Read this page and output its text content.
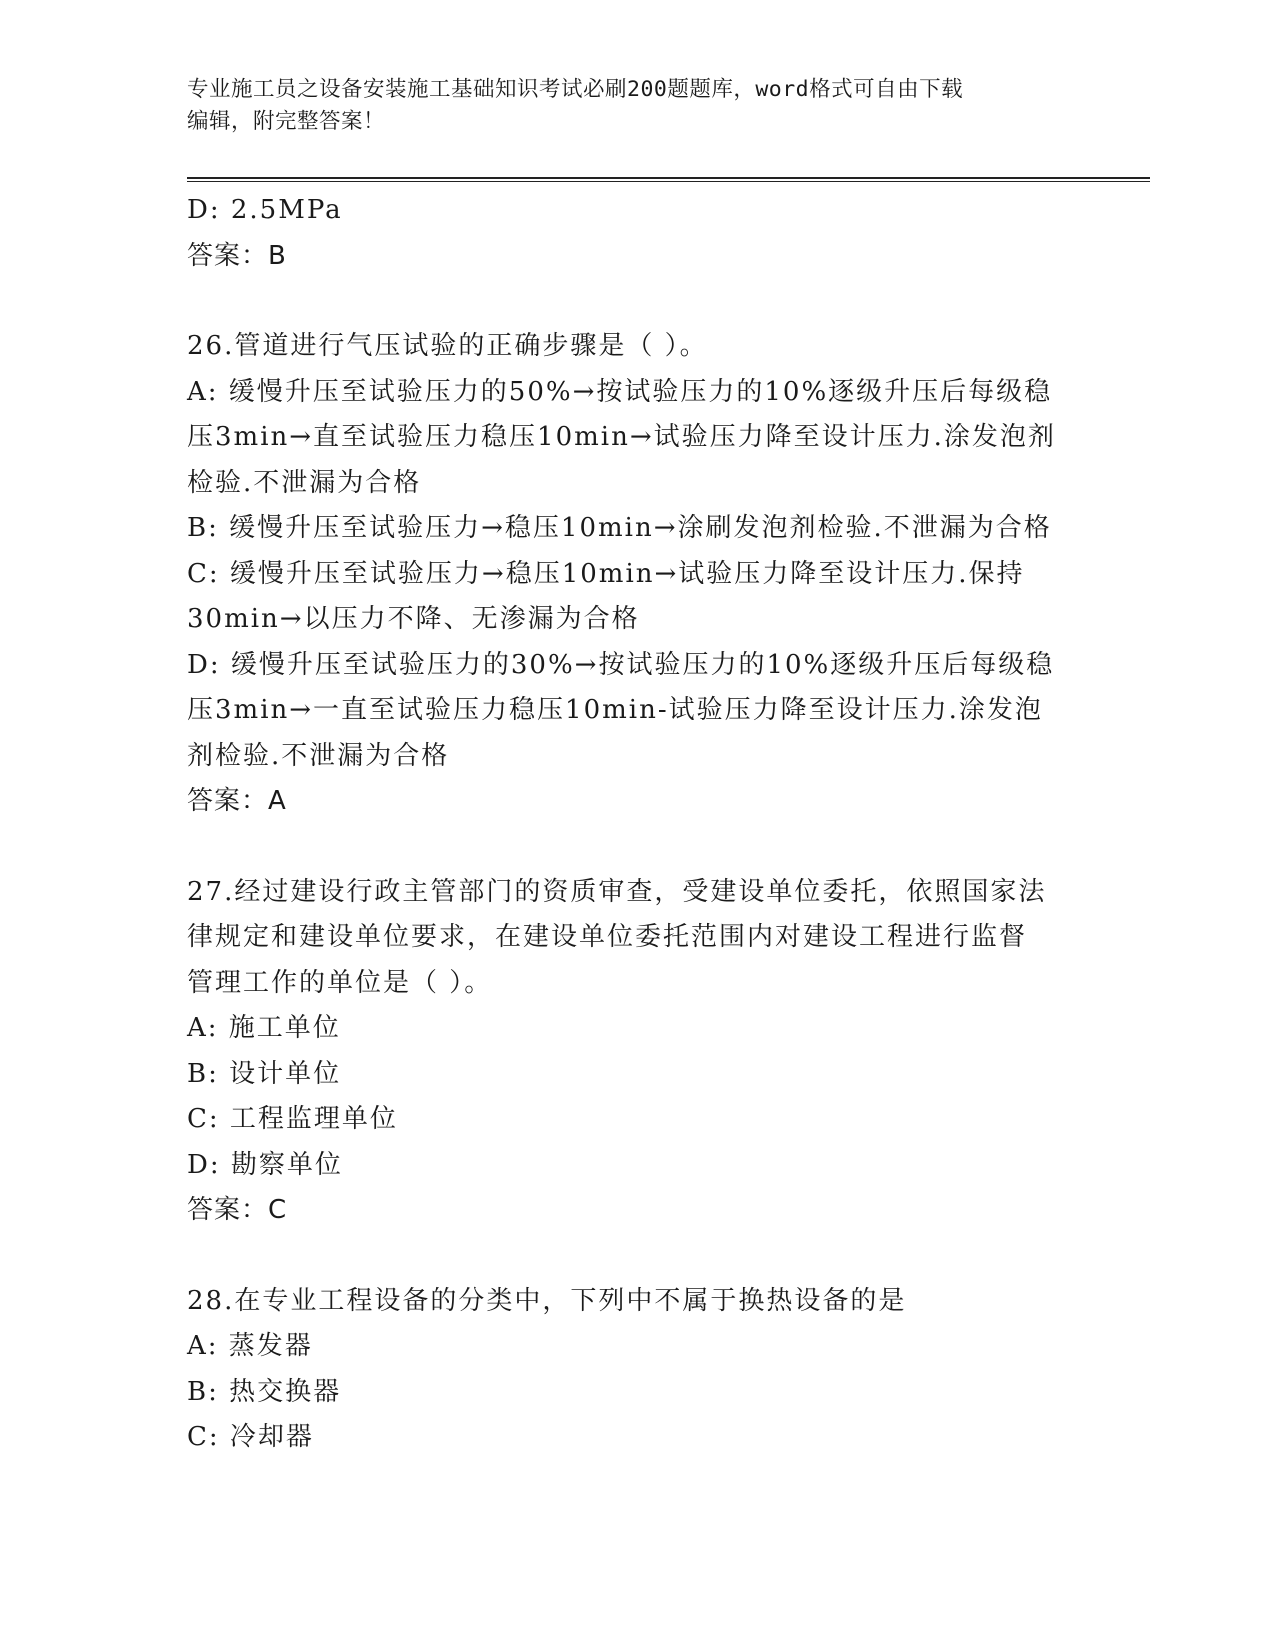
专业施工员之设备安装施工基础知识考试必刷200题题库，word格式可自由下载
编辑，附完整答案！
D: 2.5MPa
答案：B
26.管道进行气压试验的正确步骤是（ ）。
A: 缓慢升压至试验压力的50%→按试验压力的10%逐级升压后每级稳
压3min→直至试验压力稳压10min→试验压力降至设计压力.涂发泡剂
检验.不泄漏为合格
B: 缓慢升压至试验压力→稳压10min→涂刷发泡剂检验.不泄漏为合格
C: 缓慢升压至试验压力→稳压10min→试验压力降至设计压力.保持
30min→以压力不降、无渗漏为合格
D: 缓慢升压至试验压力的30%→按试验压力的10%逐级升压后每级稳
压3min→一直至试验压力稳压10min-试验压力降至设计压力.涂发泡
剂检验.不泄漏为合格
答案：A
27.经过建设行政主管部门的资质审查，受建设单位委托，依照国家法
律规定和建设单位要求，在建设单位委托范围内对建设工程进行监督
管理工作的单位是（ ）。
A: 施工单位
B: 设计单位
C: 工程监理单位
D: 勘察单位
答案：C
28.在专业工程设备的分类中，下列中不属于换热设备的是
A: 蒸发器
B: 热交换器
C: 冷却器
